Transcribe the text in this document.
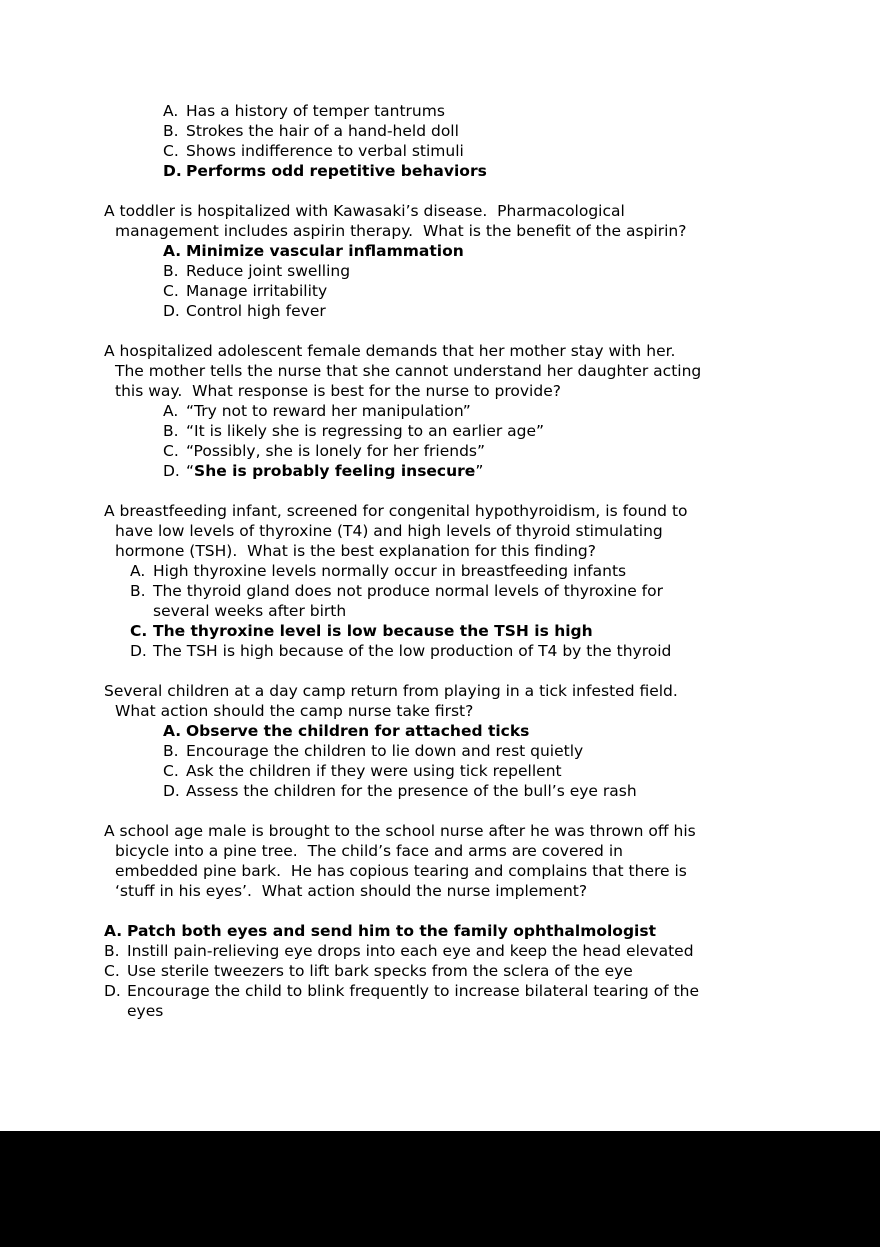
A. Has a history of temper tantrums
B. Strokes the hair of a hand-held doll
C. Shows indifference to verbal stimuli
D. Performs odd repetitive behaviors
A toddler is hospitalized with Kawasaki’s disease.  Pharmacological
management includes aspirin therapy.  What is the benefit of the aspirin?
A. Minimize vascular inflammation
B. Reduce joint swelling
C. Manage irritability
D. Control high fever
A hospitalized adolescent female demands that her mother stay with her.
The mother tells the nurse that she cannot understand her daughter acting
this way.  What response is best for the nurse to provide?
A. “Try not to reward her manipulation”
B. “It is likely she is regressing to an earlier age”
C. “Possibly, she is lonely for her friends”
D. “She is probably feeling insecure”
A breastfeeding infant, screened for congenital hypothyroidism, is found to
have low levels of thyroxine (T4) and high levels of thyroid stimulating
hormone (TSH).  What is the best explanation for this finding?
A. High thyroxine levels normally occur in breastfeeding infants
B. The thyroid gland does not produce normal levels of thyroxine for
several weeks after birth
C. The thyroxine level is low because the TSH is high
D. The TSH is high because of the low production of T4 by the thyroid
Several children at a day camp return from playing in a tick infested field.
What action should the camp nurse take first?
A. Observe the children for attached ticks
B. Encourage the children to lie down and rest quietly
C. Ask the children if they were using tick repellent
D. Assess the children for the presence of the bull’s eye rash
A school age male is brought to the school nurse after he was thrown off his
bicycle into a pine tree.  The child’s face and arms are covered in
embedded pine bark.  He has copious tearing and complains that there is
‘stuff in his eyes’.  What action should the nurse implement?
A. Patch both eyes and send him to the family ophthalmologist
B. Instill pain-relieving eye drops into each eye and keep the head elevated
C. Use sterile tweezers to lift bark specks from the sclera of the eye
D. Encourage the child to blink frequently to increase bilateral tearing of the
eyes
